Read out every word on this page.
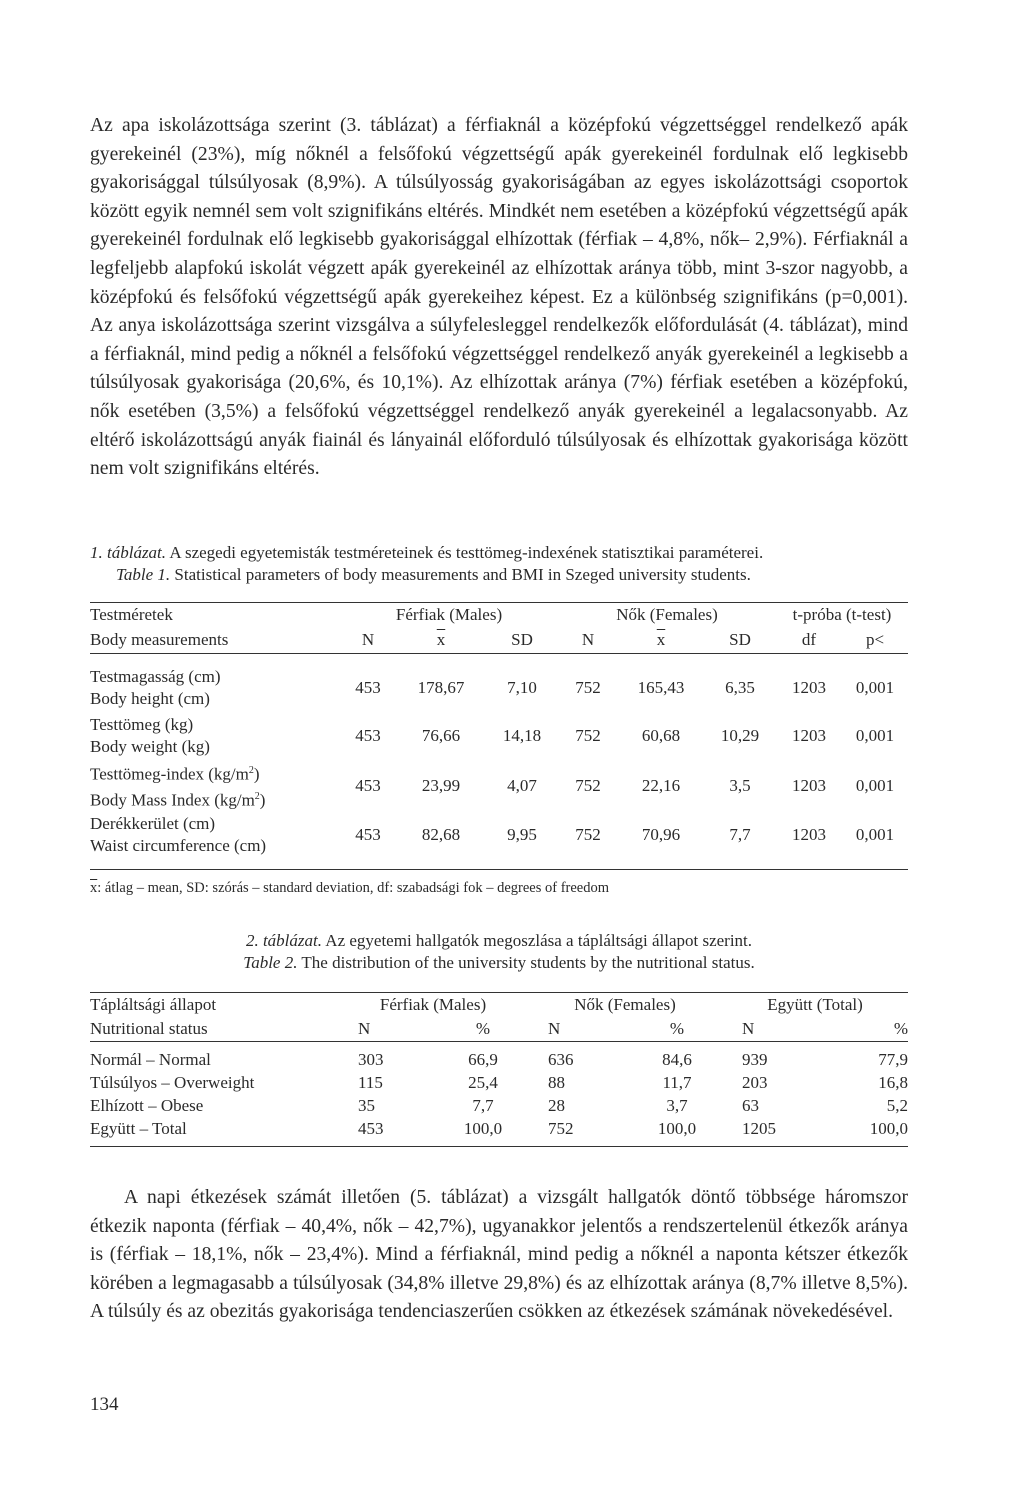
Az apa iskolázottsága szerint (3. táblázat) a férfiaknál a középfokú végzettséggel rendelkező apák gyerekeinél (23%), míg nőknél a felsőfokú végzettségű apák gyerekeinél fordulnak elő legkisebb gyakorisággal túlsúlyosak (8,9%). A túlsúlyosság gyakoriságában az egyes iskolázottsági csoportok között egyik nemnél sem volt szignifikáns eltérés. Mindkét nem esetében a középfokú végzettségű apák gyerekeinél fordulnak elő legkisebb gyakorisággal elhízottak (férfiak – 4,8%, nők– 2,9%). Férfiaknál a legfeljebb alapfokú iskolát végzett apák gyerekeinél az elhízottak aránya több, mint 3-szor nagyobb, a középfokú és felsőfokú végzettségű apák gyerekeihez képest. Ez a különbség szignifikáns (p=0,001). Az anya iskolázottsága szerint vizsgálva a súlyfelesleggel rendelkezők előfordulását (4. táblázat), mind a férfiaknál, mind pedig a nőknél a felsőfokú végzettséggel rendelkező anyák gyerekeinél a legkisebb a túlsúlyosak gyakorisága (20,6%, és 10,1%). Az elhízottak aránya (7%) férfiak esetében a középfokú, nők esetében (3,5%) a felsőfokú végzettséggel rendelkező anyák gyerekeinél a legalacsonyabb. Az eltérő iskolázottságú anyák fiainál és lányainál előforduló túlsúlyosak és elhízottak gyakorisága között nem volt szignifikáns eltérés.

1. táblázat. A szegedi egyetemisták testméreteinek és testtömeg-indexének statisztikai paraméterei.
Table 1. Statistical parameters of body measurements and BMI in Szeged university students.
Testméretek	Férfiak (Males)			Nők (Females)			t-próba (t-test)	
Body measurements	N	$\overline{x}$	SD	N	$\overline{x}$	SD	df	p<

Testmagasság (cm)
Body height (cm)	453	178,67	7,10	752	165,43	6,35	1203	0,001

Testtömeg (kg)
Body weight (kg)	453	76,66	14,18	752	60,68	10,29	1203	0,001

Testtömeg-index $(kg/m^2)$
Body Mass Index $(kg/m^2)$	453	23,99	4,07	752	22,16	3,5	1203	0,001

Derékkerület (cm)
Waist circumference (cm)	453	82,68	9,95	752	70,96	7,7	1203	0,001

$\overline{x}$: átlag – mean, SD: szórás – standard deviation, df: szabadsági fok – degrees of freedom
2. táblázat. Az egyetemi hallgatók megoszlása a tápláltsági állapot szerint.
Table 2. The distribution of the university students by the nutritional status.
Tápláltsági állapot	Férfiak (Males)		Nők (Females)		Együtt (Total)	
Nutritional status	N	%	N	%	N	%

Normál – Normal	303	66,9	636	84,6	939	77,9
Túlsúlyos – Overweight	115	25,4	88	11,7	203	16,8
Elhízott – Obese	35	7,7	28	3,7	63	5,2
Együtt – Total	453	100,0	752	100,0	1205	100,0

A napi étkezések számát illetően (5. táblázat) a vizsgált hallgatók döntő többsége háromszor étkezik naponta (férfiak – 40,4%, nők – 42,7%), ugyanakkor jelentős a rendszertelenül étkezők aránya is (férfiak – 18,1%, nők – 23,4%). Mind a férfiaknál, mind pedig a nőknél a naponta kétszer étkezők körében a legmagasabb a túlsúlyosak (34,8% illetve 29,8%) és az elhízottak aránya (8,7% illetve 8,5%). A túlsúly és az obezitás gyakorisága tendenciaszerűen csökken az étkezések számának növekedésével.

134
